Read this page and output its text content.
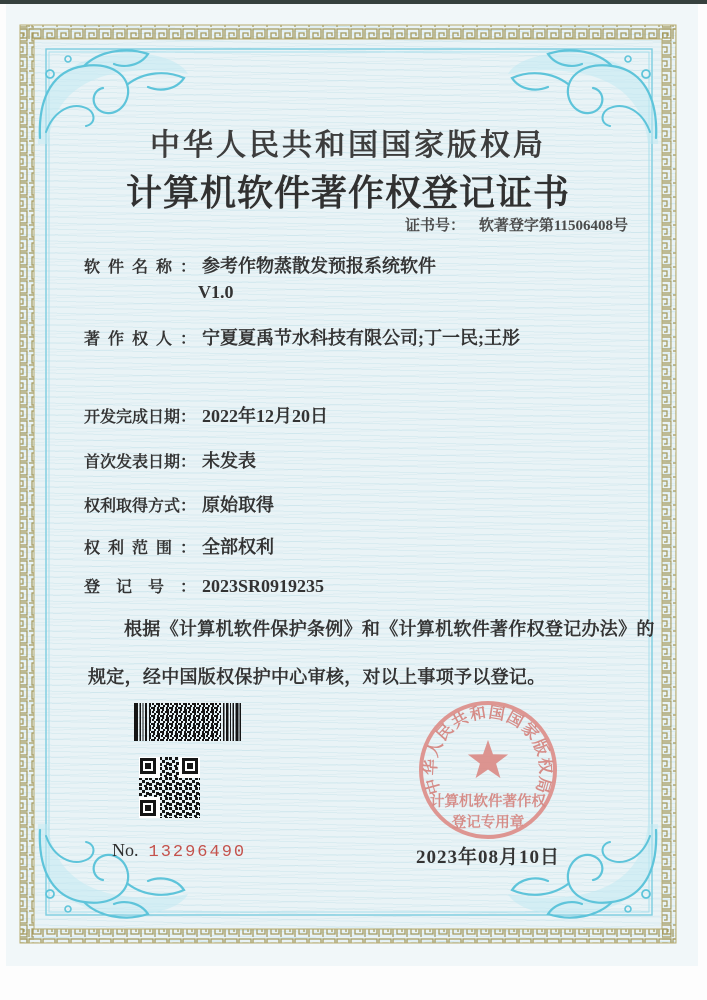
中华人民共和国国家版权局
计算机软件著作权登记证书
证书号： 软著登字第11506408号
软件名称： 参考作物蒸散发预报系统软件
V1.0
著作权人： 宁夏夏禹节水科技有限公司;丁一民;王彤
开发完成日期： 2022年12月20日
首次发表日期： 未发表
权利取得方式： 原始取得
权利范围： 全部权利
登记号： 2023SR0919235
根据《计算机软件保护条例》和《计算机软件著作权登记办法》的
规定，经中国版权保护中心审核，对以上事项予以登记。
中华人民共和国国家版权局
计算机软件著作权
登记专用章
2023年08月10日
No. 13296490
